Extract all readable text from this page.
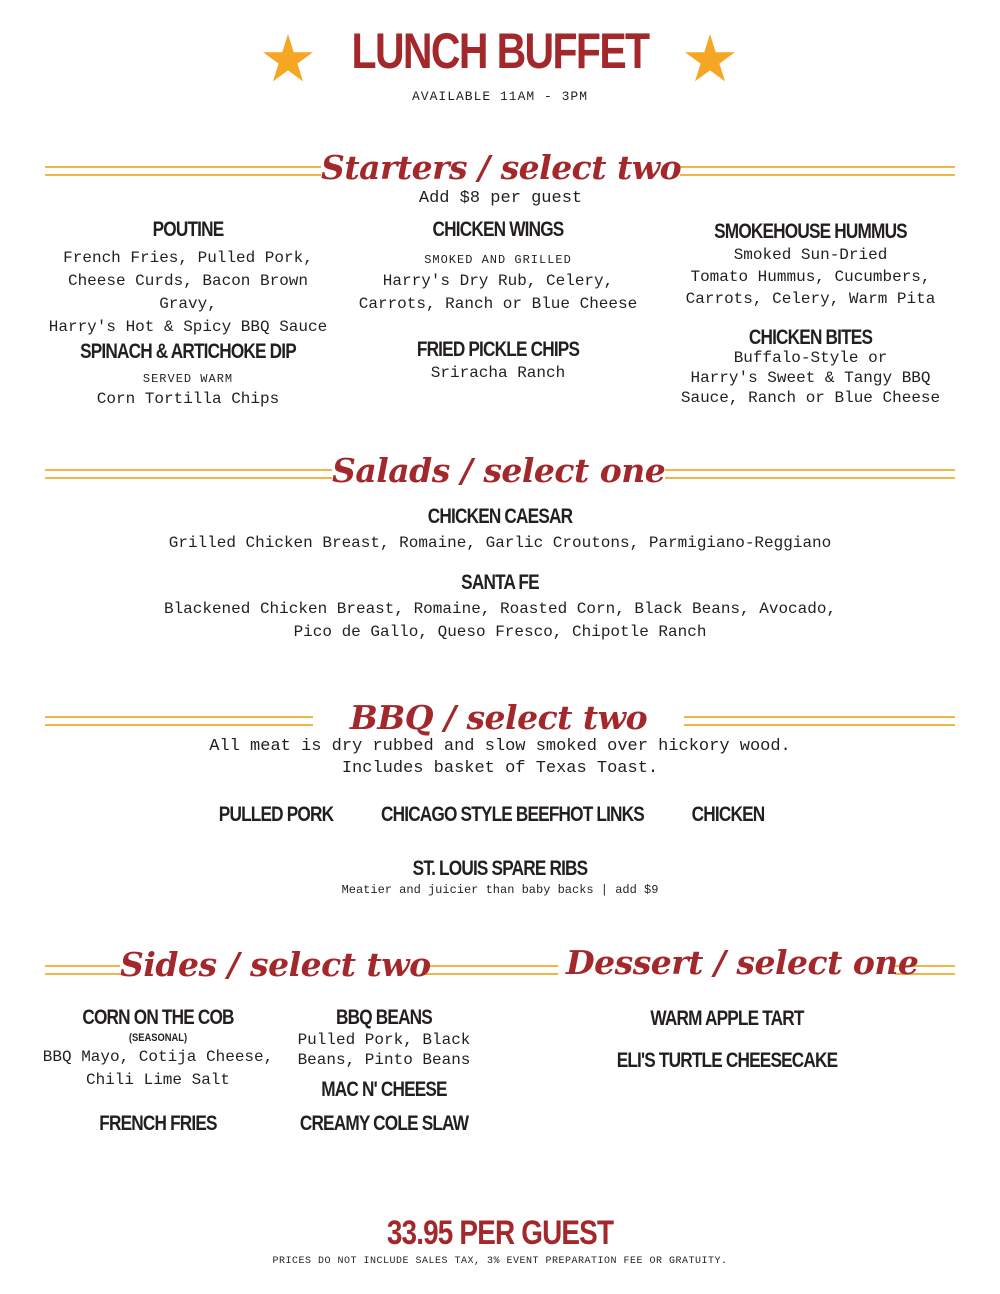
LUNCH BUFFET
AVAILABLE 11AM - 3PM
Starters / select two
Add $8 per guest
POUTINE
French Fries, Pulled Pork,
Cheese Curds, Bacon Brown Gravy,
Harry's Hot & Spicy BBQ Sauce
CHICKEN WINGS
SMOKED AND GRILLED
Harry's Dry Rub, Celery,
Carrots, Ranch or Blue Cheese
SMOKEHOUSE HUMMUS
Smoked Sun-Dried
Tomato Hummus, Cucumbers,
Carrots, Celery, Warm Pita
SPINACH & ARTICHOKE DIP
SERVED WARM
Corn Tortilla Chips
FRIED PICKLE CHIPS
Sriracha Ranch
CHICKEN BITES
Buffalo-Style or
Harry's Sweet & Tangy BBQ
Sauce, Ranch or Blue Cheese
Salads / select one
CHICKEN CAESAR
Grilled Chicken Breast, Romaine, Garlic Croutons, Parmigiano-Reggiano
SANTA FE
Blackened Chicken Breast, Romaine, Roasted Corn, Black Beans, Avocado,
Pico de Gallo, Queso Fresco, Chipotle Ranch
BBQ / select two
All meat is dry rubbed and slow smoked over hickory wood.
Includes basket of Texas Toast.
PULLED PORK	CHICAGO STYLE BEEFHOT LINKS	CHICKEN
ST. LOUIS SPARE RIBS
Meatier and juicier than baby backs | add $9
Sides / select two
CORN ON THE COB
(SEASONAL)
BBQ Mayo, Cotija Cheese,
Chili Lime Salt
BBQ BEANS
Pulled Pork, Black
Beans, Pinto Beans
FRENCH FRIES
MAC N' CHEESE
CREAMY COLE SLAW
Dessert / select one
WARM APPLE TART
ELI'S TURTLE CHEESECAKE
33.95 PER GUEST
PRICES DO NOT INCLUDE SALES TAX, 3% EVENT PREPARATION FEE OR GRATUITY.
